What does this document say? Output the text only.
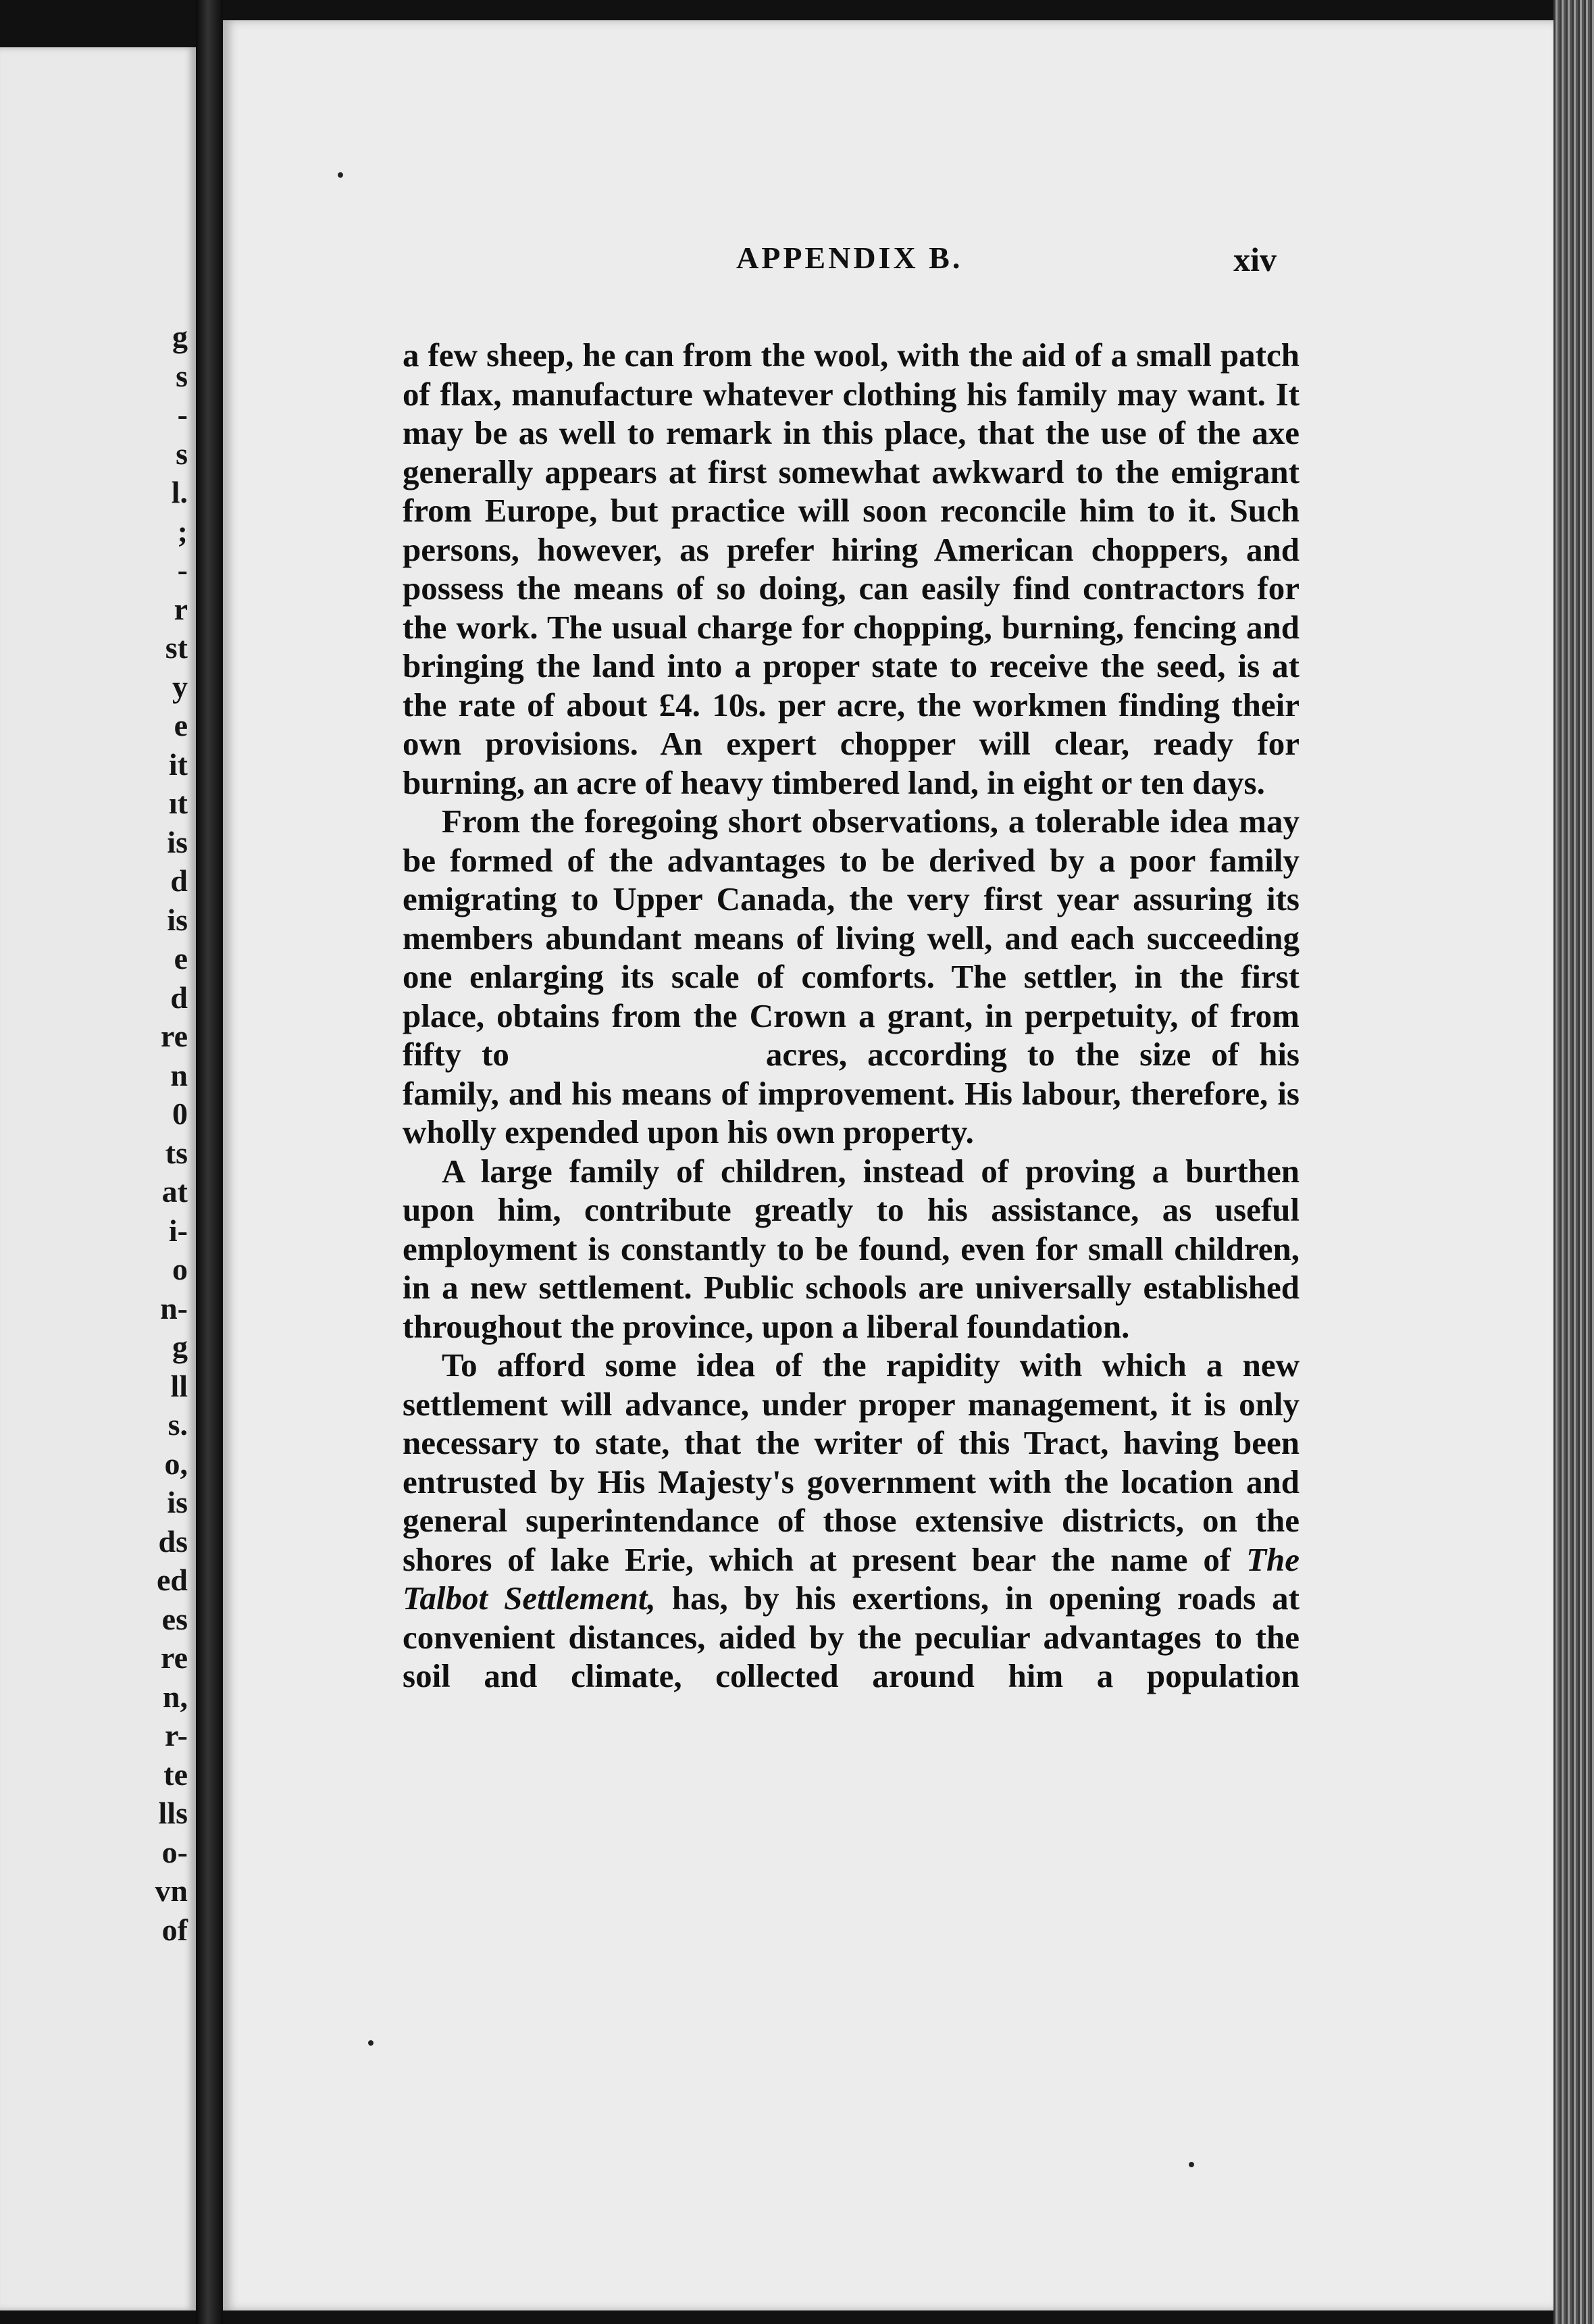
g
s
-
s
l.
;
-
r
st
y
e
it
ıt
is
d
is
e
d
re
n
0
ts
at
i-
o
n-
g
ll
s.
o,
is
ds
ed
es
re
n,
r-
te
lls
o-
vn
of
APPENDIX B.	xiv

a few sheep, he can from the wool, with the aid of a small patch of flax, manufacture whatever clothing his family may want. It may be as well to remark in this place, that the use of the axe generally appears at first somewhat awkward to the emigrant from Europe, but practice will soon reconcile him to it. Such persons, however, as prefer hiring American choppers, and possess the means of so doing, can easily find contractors for the work. The usual charge for chopping, burning, fencing and bringing the land into a proper state to receive the seed, is at the rate of about £4. 10s. per acre, the workmen finding their own provisions. An expert chopper will clear, ready for burning, an acre of heavy timbered land, in eight or ten days.

From the foregoing short observations, a tolerable idea may be formed of the advantages to be derived by a poor family emigrating to Upper Canada, the very first year assuring its members abundant means of living well, and each succeeding one enlarging its scale of comforts. The settler, in the first place, obtains from the Crown a grant, in perpetuity, of from fifty to	acres, according to the size of his family, and his means of improvement. His labour, therefore, is wholly expended upon his own property.

A large family of children, instead of proving a burthen upon him, contribute greatly to his assistance, as useful employment is constantly to be found, even for small children, in a new settlement. Public schools are universally established throughout the province, upon a liberal foundation.

To afford some idea of the rapidity with which a new settlement will advance, under proper management, it is only necessary to state, that the writer of this Tract, having been entrusted by His Majesty's government with the location and general superintendance of those extensive districts, on the shores of lake Erie, which at present bear the name of The Talbot Settlement, has, by his exertions, in opening roads at convenient distances, aided by the peculiar advantages to the soil and climate, collected around him a population
